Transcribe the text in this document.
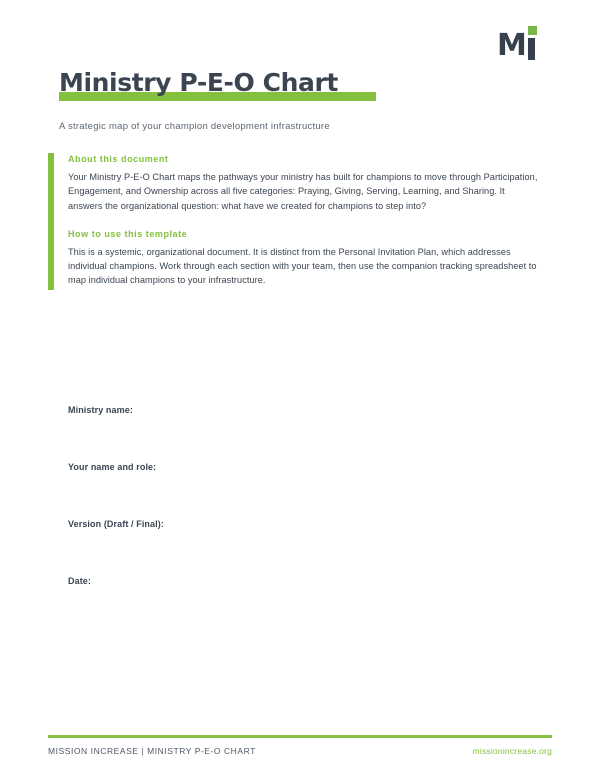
M
Ministry P-E-O Chart
A strategic map of your champion development infrastructure
About this document

Your Ministry P-E-O Chart maps the pathways your ministry has built for champions to move through Participation, Engagement, and Ownership across all five categories: Praying, Giving, Serving, Learning, and Sharing. It answers the organizational question: what have we created for champions to step into?

How to use this template

This is a systemic, organizational document. It is distinct from the Personal Invitation Plan, which addresses individual champions. Work through each section with your team, then use the companion tracking spreadsheet to map individual champions to your infrastructure.

Ministry name:
Your name and role:
Version (Draft / Final):
Date:
MISSION INCREASE | MINISTRY P-E-O CHART	missionincrease.org
